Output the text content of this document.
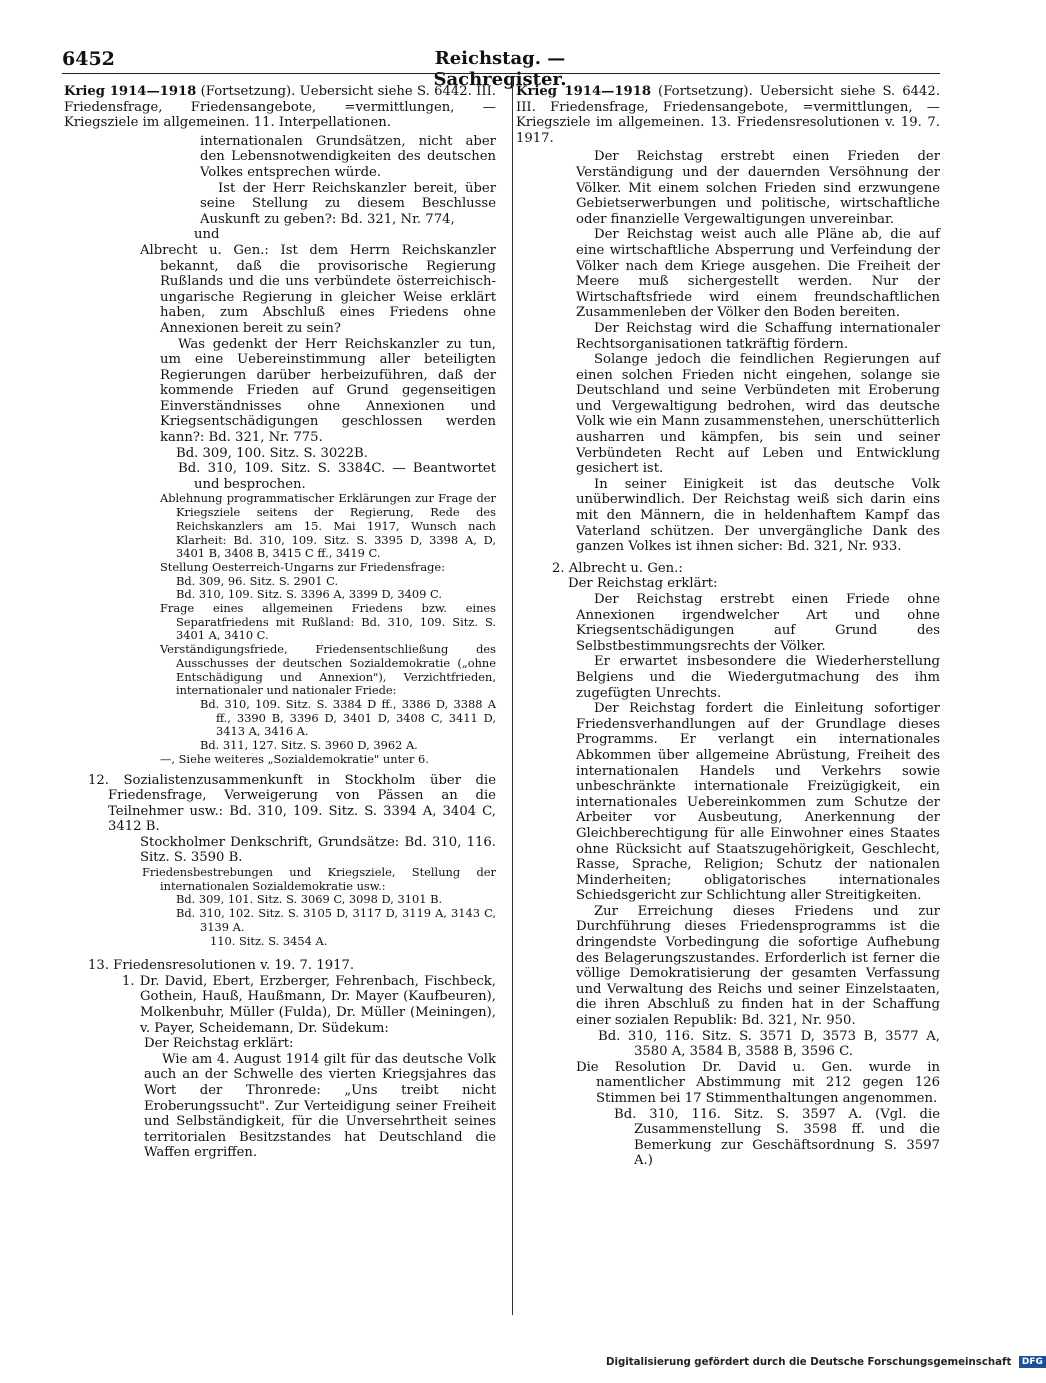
6452	Reichstag. — Sachregister.

Krieg 1914—1918 (Fortsetzung). Uebersicht siehe S. 6442. III. Friedensfrage, Friedensangebote, =vermittlungen, — Kriegsziele im allgemeinen. 11. Interpellationen.

internationalen Grundsätzen, nicht aber den Lebensnotwendigkeiten des deutschen Volkes entsprechen würde.

Ist der Herr Reichskanzler bereit, über seine Stellung zu diesem Beschlusse Auskunft zu geben?: Bd. 321, Nr. 774,

und

Albrecht u. Gen.: Ist dem Herrn Reichskanzler bekannt, daß die provisorische Regierung Rußlands und die uns verbündete österreichisch-ungarische Regierung in gleicher Weise erklärt haben, zum Abschluß eines Friedens ohne Annexionen bereit zu sein?

Was gedenkt der Herr Reichskanzler zu tun, um eine Uebereinstimmung aller beteiligten Regierungen darüber herbeizuführen, daß der kommende Frieden auf Grund gegenseitigen Einverständnisses ohne Annexionen und Kriegsentschädigungen geschlossen werden kann?: Bd. 321, Nr. 775.

Bd. 309, 100. Sitz. S. 3022B.

Bd. 310, 109. Sitz. S. 3384C. — Beantwortet und besprochen.

Ablehnung programmatischer Erklärungen zur Frage der Kriegsziele seitens der Regierung, Rede des Reichskanzlers am 15. Mai 1917, Wunsch nach Klarheit: Bd. 310, 109. Sitz. S. 3395 D, 3398 A, D, 3401 B, 3408 B, 3415 C ff., 3419 C.

Stellung Oesterreich-Ungarns zur Friedensfrage:

Bd. 309, 96. Sitz. S. 2901 C.

Bd. 310, 109. Sitz. S. 3396 A, 3399 D, 3409 C.

Frage eines allgemeinen Friedens bzw. eines Separatfriedens mit Rußland: Bd. 310, 109. Sitz. S. 3401 A, 3410 C.

Verständigungsfriede, Friedensentschließung des Ausschusses der deutschen Sozialdemokratie („ohne Entschädigung und Annexion"), Verzichtfrieden, internationaler und nationaler Friede:

Bd. 310, 109. Sitz. S. 3384 D ff., 3386 D, 3388 A ff., 3390 B, 3396 D, 3401 D, 3408 C, 3411 D, 3413 A, 3416 A.

Bd. 311, 127. Sitz. S. 3960 D, 3962 A.

—, Siehe weiteres „Sozialdemokratie" unter 6.

12. Sozialistenzusammenkunft in Stockholm über die Friedensfrage, Verweigerung von Pässen an die Teilnehmer usw.: Bd. 310, 109. Sitz. S. 3394 A, 3404 C, 3412 B.

Stockholmer Denkschrift, Grundsätze: Bd. 310, 116. Sitz. S. 3590 B.

Friedensbestrebungen und Kriegsziele, Stellung der internationalen Sozialdemokratie usw.:

Bd. 309, 101. Sitz. S. 3069 C, 3098 D, 3101 B.

Bd. 310, 102. Sitz. S. 3105 D, 3117 D, 3119 A, 3143 C, 3139 A.

110. Sitz. S. 3454 A.

13. Friedensresolutionen v. 19. 7. 1917.

1. Dr. David, Ebert, Erzberger, Fehrenbach, Fischbeck, Gothein, Hauß, Haußmann, Dr. Mayer (Kaufbeuren), Molkenbuhr, Müller (Fulda), Dr. Müller (Meiningen), v. Payer, Scheidemann, Dr. Südekum:

Der Reichstag erklärt:

Wie am 4. August 1914 gilt für das deutsche Volk auch an der Schwelle des vierten Kriegsjahres das Wort der Thronrede: „Uns treibt nicht Eroberungssucht". Zur Verteidigung seiner Freiheit und Selbständigkeit, für die Unversehrtheit seines territorialen Besitzstandes hat Deutschland die Waffen ergriffen.

Krieg 1914—1918 (Fortsetzung). Uebersicht siehe S. 6442. III. Friedensfrage, Friedensangebote, =vermittlungen, — Kriegsziele im allgemeinen. 13. Friedensresolutionen v. 19. 7. 1917.

Der Reichstag erstrebt einen Frieden der Verständigung und der dauernden Versöhnung der Völker. Mit einem solchen Frieden sind erzwungene Gebietserwerbungen und politische, wirtschaftliche oder finanzielle Vergewaltigungen unvereinbar.

Der Reichstag weist auch alle Pläne ab, die auf eine wirtschaftliche Absperrung und Verfeindung der Völker nach dem Kriege ausgehen. Die Freiheit der Meere muß sichergestellt werden. Nur der Wirtschaftsfriede wird einem freundschaftlichen Zusammenleben der Völker den Boden bereiten.

Der Reichstag wird die Schaffung internationaler Rechtsorganisationen tatkräftig fördern.

Solange jedoch die feindlichen Regierungen auf einen solchen Frieden nicht eingehen, solange sie Deutschland und seine Verbündeten mit Eroberung und Vergewaltigung bedrohen, wird das deutsche Volk wie ein Mann zusammenstehen, unerschütterlich ausharren und kämpfen, bis sein und seiner Verbündeten Recht auf Leben und Entwicklung gesichert ist.

In seiner Einigkeit ist das deutsche Volk unüberwindlich. Der Reichstag weiß sich darin eins mit den Männern, die in heldenhaftem Kampf das Vaterland schützen. Der unvergängliche Dank des ganzen Volkes ist ihnen sicher: Bd. 321, Nr. 933.

2. Albrecht u. Gen.:

Der Reichstag erklärt:

Der Reichstag erstrebt einen Friede ohne Annexionen irgendwelcher Art und ohne Kriegsentschädigungen auf Grund des Selbstbestimmungsrechts der Völker.

Er erwartet insbesondere die Wiederherstellung Belgiens und die Wiedergutmachung des ihm zugefügten Unrechts.

Der Reichstag fordert die Einleitung sofortiger Friedensverhandlungen auf der Grundlage dieses Programms. Er verlangt ein internationales Abkommen über allgemeine Abrüstung, Freiheit des internationalen Handels und Verkehrs sowie unbeschränkte internationale Freizügigkeit, ein internationales Uebereinkommen zum Schutze der Arbeiter vor Ausbeutung, Anerkennung der Gleichberechtigung für alle Einwohner eines Staates ohne Rücksicht auf Staatszugehörigkeit, Geschlecht, Rasse, Sprache, Religion; Schutz der nationalen Minderheiten; obligatorisches internationales Schiedsgericht zur Schlichtung aller Streitigkeiten.

Zur Erreichung dieses Friedens und zur Durchführung dieses Friedensprogramms ist die dringendste Vorbedingung die sofortige Aufhebung des Belagerungszustandes. Erforderlich ist ferner die völlige Demokratisierung der gesamten Verfassung und Verwaltung des Reichs und seiner Einzelstaaten, die ihren Abschluß zu finden hat in der Schaffung einer sozialen Republik: Bd. 321, Nr. 950.

Bd. 310, 116. Sitz. S. 3571 D, 3573 B, 3577 A, 3580 A, 3584 B, 3588 B, 3596 C.

Die Resolution Dr. David u. Gen. wurde in namentlicher Abstimmung mit 212 gegen 126 Stimmen bei 17 Stimmenthaltungen angenommen.

Bd. 310, 116. Sitz. S. 3597 A. (Vgl. die Zusammenstellung S. 3598 ff. und die Bemerkung zur Geschäftsordnung S. 3597 A.)

Digitalisierung gefördert durch die Deutsche Forschungsgemeinschaft DFG
